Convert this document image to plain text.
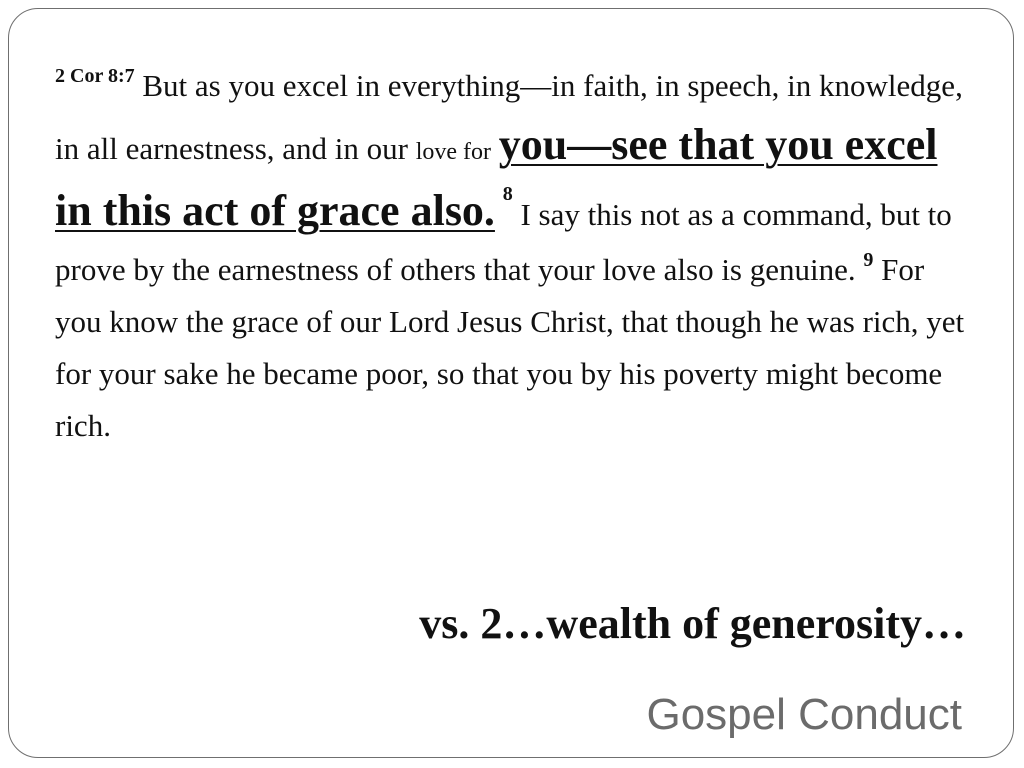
$^{2 Cor 8:7}$ But as you excel in everything—in faith, in speech, in knowledge, in all earnestness, and in our love for you—see that you excel in this act of grace also. $^8$ I say this not as a command, but to prove by the earnestness of others that your love also is genuine. $^9$ For you know the grace of our Lord Jesus Christ, that though he was rich, yet for your sake he became poor, so that you by his poverty might become rich.

vs. 2…wealth of generosity…

Gospel Conduct
